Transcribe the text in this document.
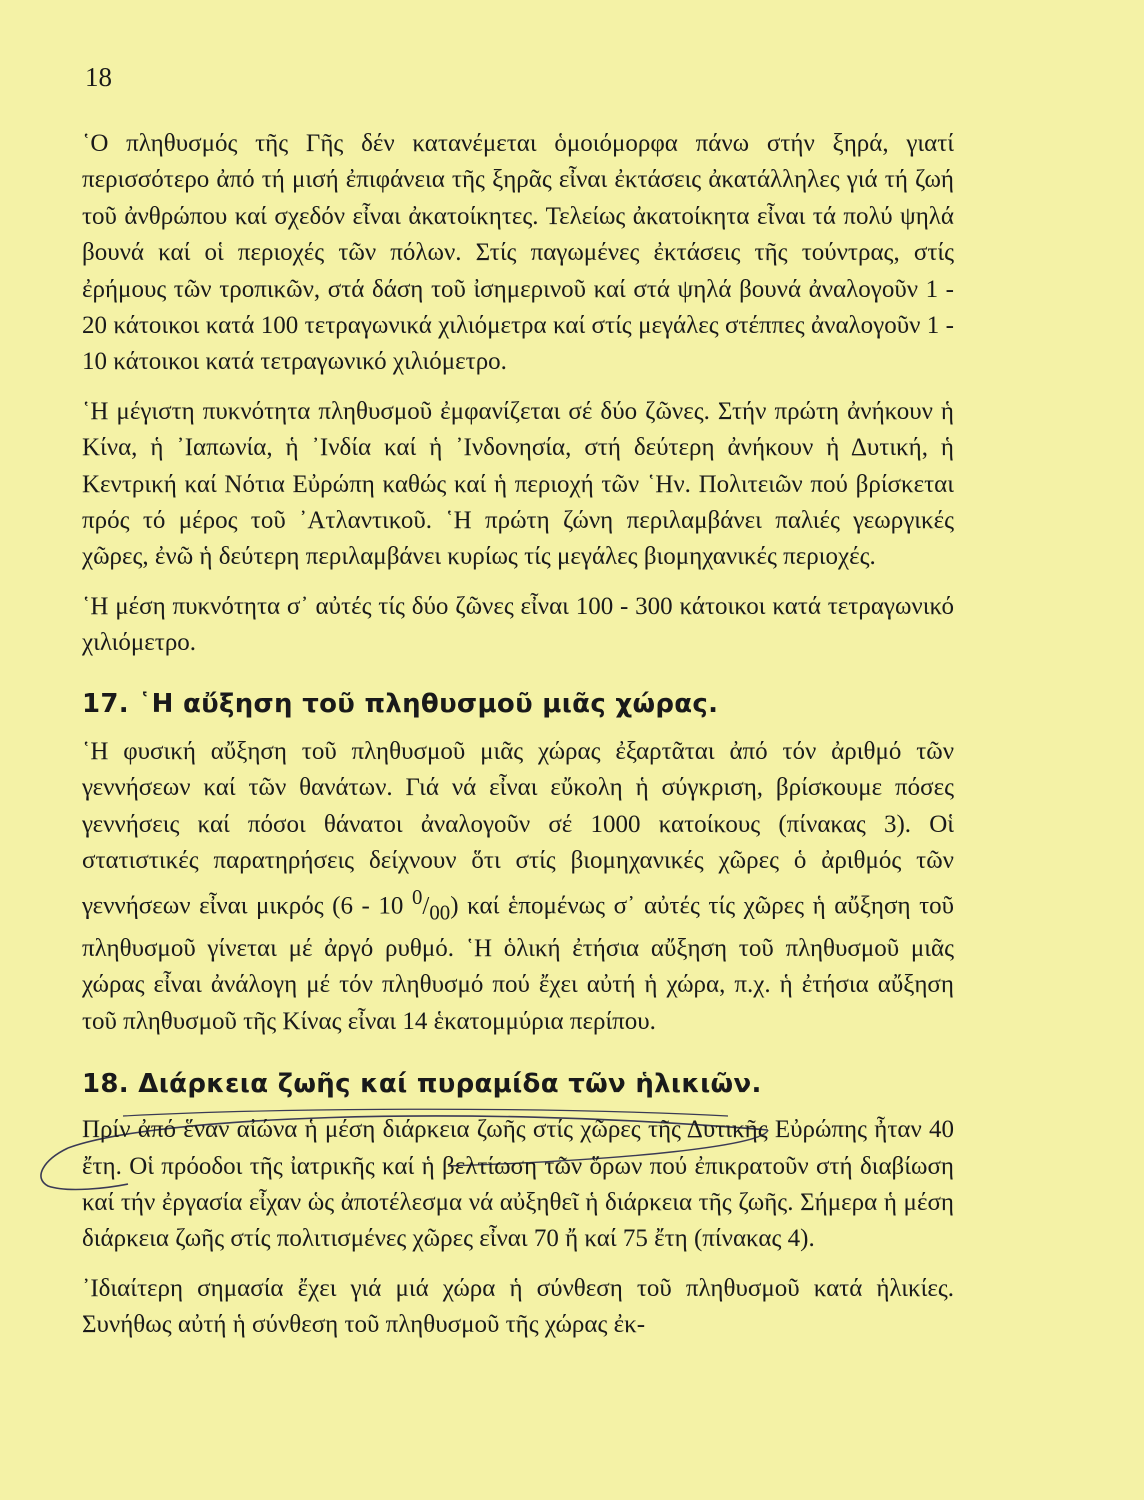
18

῾Ο πληθυσμός τῆς Γῆς δέν κατανέμεται ὁμοιόμορφα πάνω στήν ξηρά, γιατί περισσότερο ἀπό τή μισή ἐπιφάνεια τῆς ξηρᾶς εἶναι ἐκτάσεις ἀκατάλληλες γιά τή ζωή τοῦ ἀνθρώπου καί σχεδόν εἶναι ἀκατοίκητες. Τελείως ἀκατοίκητα εἶναι τά πολύ ψηλά βουνά καί οἱ περιοχές τῶν πόλων. Στίς παγωμένες ἐκτάσεις τῆς τούντρας, στίς ἐρήμους τῶν τροπικῶν, στά δάση τοῦ ἰσημερινοῦ καί στά ψηλά βουνά ἀναλογοῦν 1 - 20 κάτοικοι κατά 100 τετραγωνικά χιλιόμετρα καί στίς μεγάλες στέππες ἀναλογοῦν 1 - 10 κάτοικοι κατά τετραγωνικό χιλιόμετρο.

῾Η μέγιστη πυκνότητα πληθυσμοῦ ἐμφανίζεται σέ δύο ζῶνες. Στήν πρώτη ἀνήκουν ἡ Κίνα, ἡ ᾿Ιαπωνία, ἡ ᾿Ινδία καί ἡ ᾿Ινδονησία, στή δεύτερη ἀνήκουν ἡ Δυτική, ἡ Κεντρική καί Νότια Εὐρώπη καθώς καί ἡ περιοχή τῶν ῾Ην. Πολιτειῶν πού βρίσκεται πρός τό μέρος τοῦ ᾿Ατλαντικοῦ. ῾Η πρώτη ζώνη περιλαμβάνει παλιές γεωργικές χῶρες, ἐνῶ ἡ δεύτερη περιλαμβάνει κυρίως τίς μεγάλες βιομηχανικές περιοχές.

῾Η μέση πυκνότητα σ᾿ αὐτές τίς δύο ζῶνες εἶναι 100 - 300 κάτοικοι κατά τετραγωνικό χιλιόμετρο.

17. ῾Η αὔξηση τοῦ πληθυσμοῦ μιᾶς χώρας.

῾Η φυσική αὔξηση τοῦ πληθυσμοῦ μιᾶς χώρας ἐξαρτᾶται ἀπό τόν ἀριθμό τῶν γεννήσεων καί τῶν θανάτων. Γιά νά εἶναι εὔκολη ἡ σύγκριση, βρίσκουμε πόσες γεννήσεις καί πόσοι θάνατοι ἀναλογοῦν σέ 1000 κατοίκους (πίνακας 3). Οἱ στατιστικές παρατηρήσεις δείχνουν ὅτι στίς βιομηχανικές χῶρες ὁ ἀριθμός τῶν γεννήσεων εἶναι μικρός (6 - 10 $^0/_{00}$) καί ἑπομένως σ᾿ αὐτές τίς χῶρες ἡ αὔξηση τοῦ πληθυσμοῦ γίνεται μέ ἀργό ρυθμό. ῾Η ὁλική ἐτήσια αὔξηση τοῦ πληθυσμοῦ μιᾶς χώρας εἶναι ἀνάλογη μέ τόν πληθυσμό πού ἔχει αὐτή ἡ χώρα, π.χ. ἡ ἐτήσια αὔξηση τοῦ πληθυσμοῦ τῆς Κίνας εἶναι 14 ἑκατομμύρια περίπου.

18. Διάρκεια ζωῆς καί πυραμίδα τῶν ἡλικιῶν.

Πρίν ἀπό ἕναν αἰώνα ἡ μέση διάρκεια ζωῆς στίς χῶρες τῆς Δυτικῆς Εὐρώπης ἦταν 40 ἔτη. Οἱ πρόοδοι τῆς ἰατρικῆς καί ἡ βελτίωση τῶν ὅρων πού ἐπικρατοῦν στή διαβίωση καί τήν ἐργασία εἶχαν ὡς ἀποτέλεσμα νά αὐξηθεῖ ἡ διάρκεια τῆς ζωῆς. Σήμερα ἡ μέση διάρκεια ζωῆς στίς πολιτισμένες χῶρες εἶναι 70 ἤ καί 75 ἔτη (πίνακας 4).

᾿Ιδιαίτερη σημασία ἔχει γιά μιά χώρα ἡ σύνθεση τοῦ πληθυσμοῦ κατά ἡλικίες. Συνήθως αὐτή ἡ σύνθεση τοῦ πληθυσμοῦ τῆς χώρας ἐκ-
